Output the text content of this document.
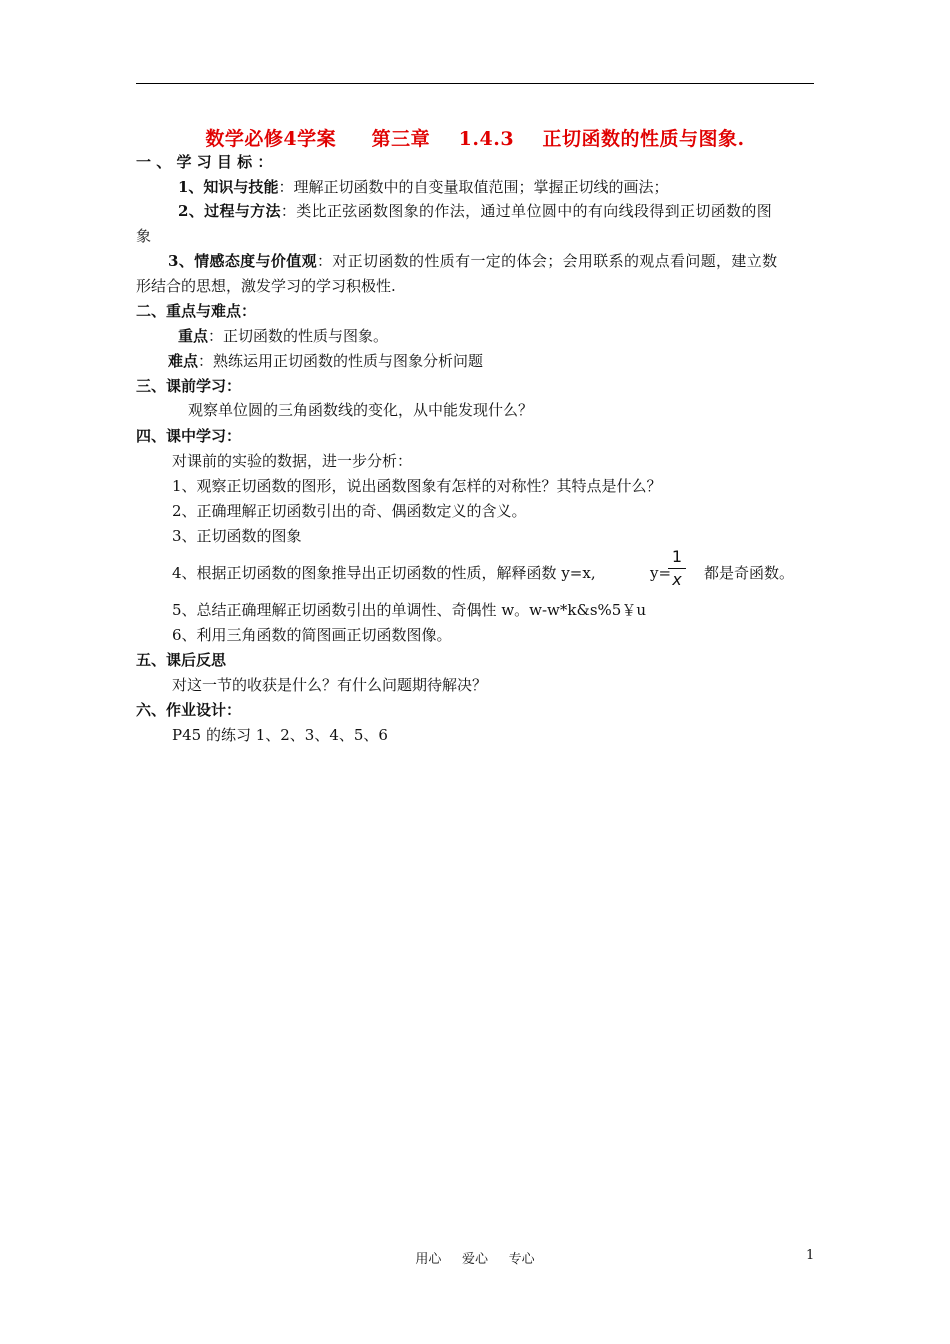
数学必修4学案     第三章    1.4.3    正切函数的性质与图象.
一 、 学 习 目 标 ：
1、知识与技能：理解正切函数中的自变量取值范围；掌握正切线的画法；
2、过程与方法：类比正弦函数图象的作法，通过单位圆中的有向线段得到正切函数的图
象
3、情感态度与价值观：对正切函数的性质有一定的体会；会用联系的观点看问题，建立数
形结合的思想，激发学习的学习积极性.
二、重点与难点：
重点：正切函数的性质与图象。
难点：熟练运用正切函数的性质与图象分析问题
三、课前学习：
观察单位圆的三角函数线的变化，从中能发现什么？
四、课中学习：
对课前的实验的数据，进一步分析：
1、观察正切函数的图形，说出函数图象有怎样的对称性？其特点是什么？
2、正确理解正切函数引出的奇、偶函数定义的含义。
3、正切函数的图象
4、根据正切函数的图象推导出正切函数的性质，解释函数 y=x,	y=
$\frac{1}{x}$ 都是奇函数。
5、总结正确理解正切函数引出的单调性、奇偶性 w。w-w*k&s%5￥u
6、利用三角函数的简图画正切函数图像。
五、课后反思
对这一节的收获是什么？有什么问题期待解决？
六、作业设计：
P45 的练习 1、2、3、4、5、6
用心     爱心     专心	1
